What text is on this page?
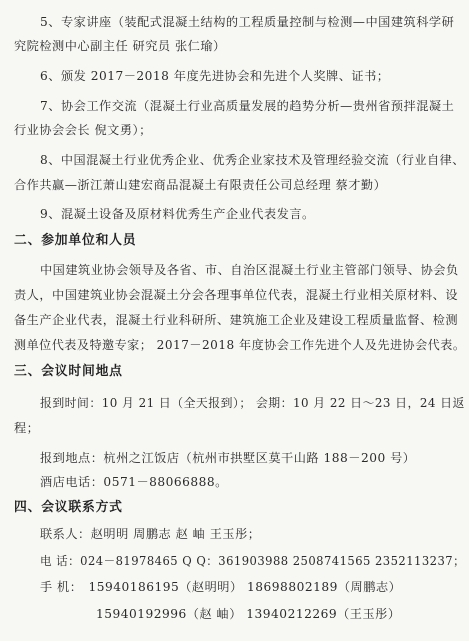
5、专家讲座（装配式混凝土结构的工程质量控制与检测—中国建筑科学研
究院检测中心副主任 研究员 张仁瑜）
6、颁发 2017－2018 年度先进协会和先进个人奖牌、证书；
7、协会工作交流（混凝土行业高质量发展的趋势分析—贵州省预拌混凝土
行业协会会长 倪文勇）；
8、中国混凝土行业优秀企业、优秀企业家技术及管理经验交流（行业自律、
合作共赢—浙江萧山建宏商品混凝土有限责任公司总经理 蔡才勤）
9、混凝土设备及原材料优秀生产企业代表发言。
二、参加单位和人员
中国建筑业协会领导及各省、市、自治区混凝土行业主管部门领导、协会负
责人，中国建筑业协会混凝土分会各理事单位代表，混凝土行业相关原材料、设
备生产企业代表，混凝土行业科研所、建筑施工企业及建设工程质量监督、检测
测单位代表及特邀专家； 2017－2018 年度协会工作先进个人及先进协会代表。
三、会议时间地点
报到时间：10 月 21 日（全天报到）； 会期：10 月 22 日～23 日，24 日返
程；
报到地点：杭州之江饭店（杭州市拱墅区莫干山路 188－200 号）
酒店电话：0571－88066888。
四、会议联系方式
联系人：赵明明 周鹏志 赵 岫 王玉彤；
电 话：024－81978465 Q Q：361903988 2508741565 2352113237；
手 机： 15940186195（赵明明） 18698802189（周鹏志）
15940192996（赵 岫） 13940212269（王玉彤）
